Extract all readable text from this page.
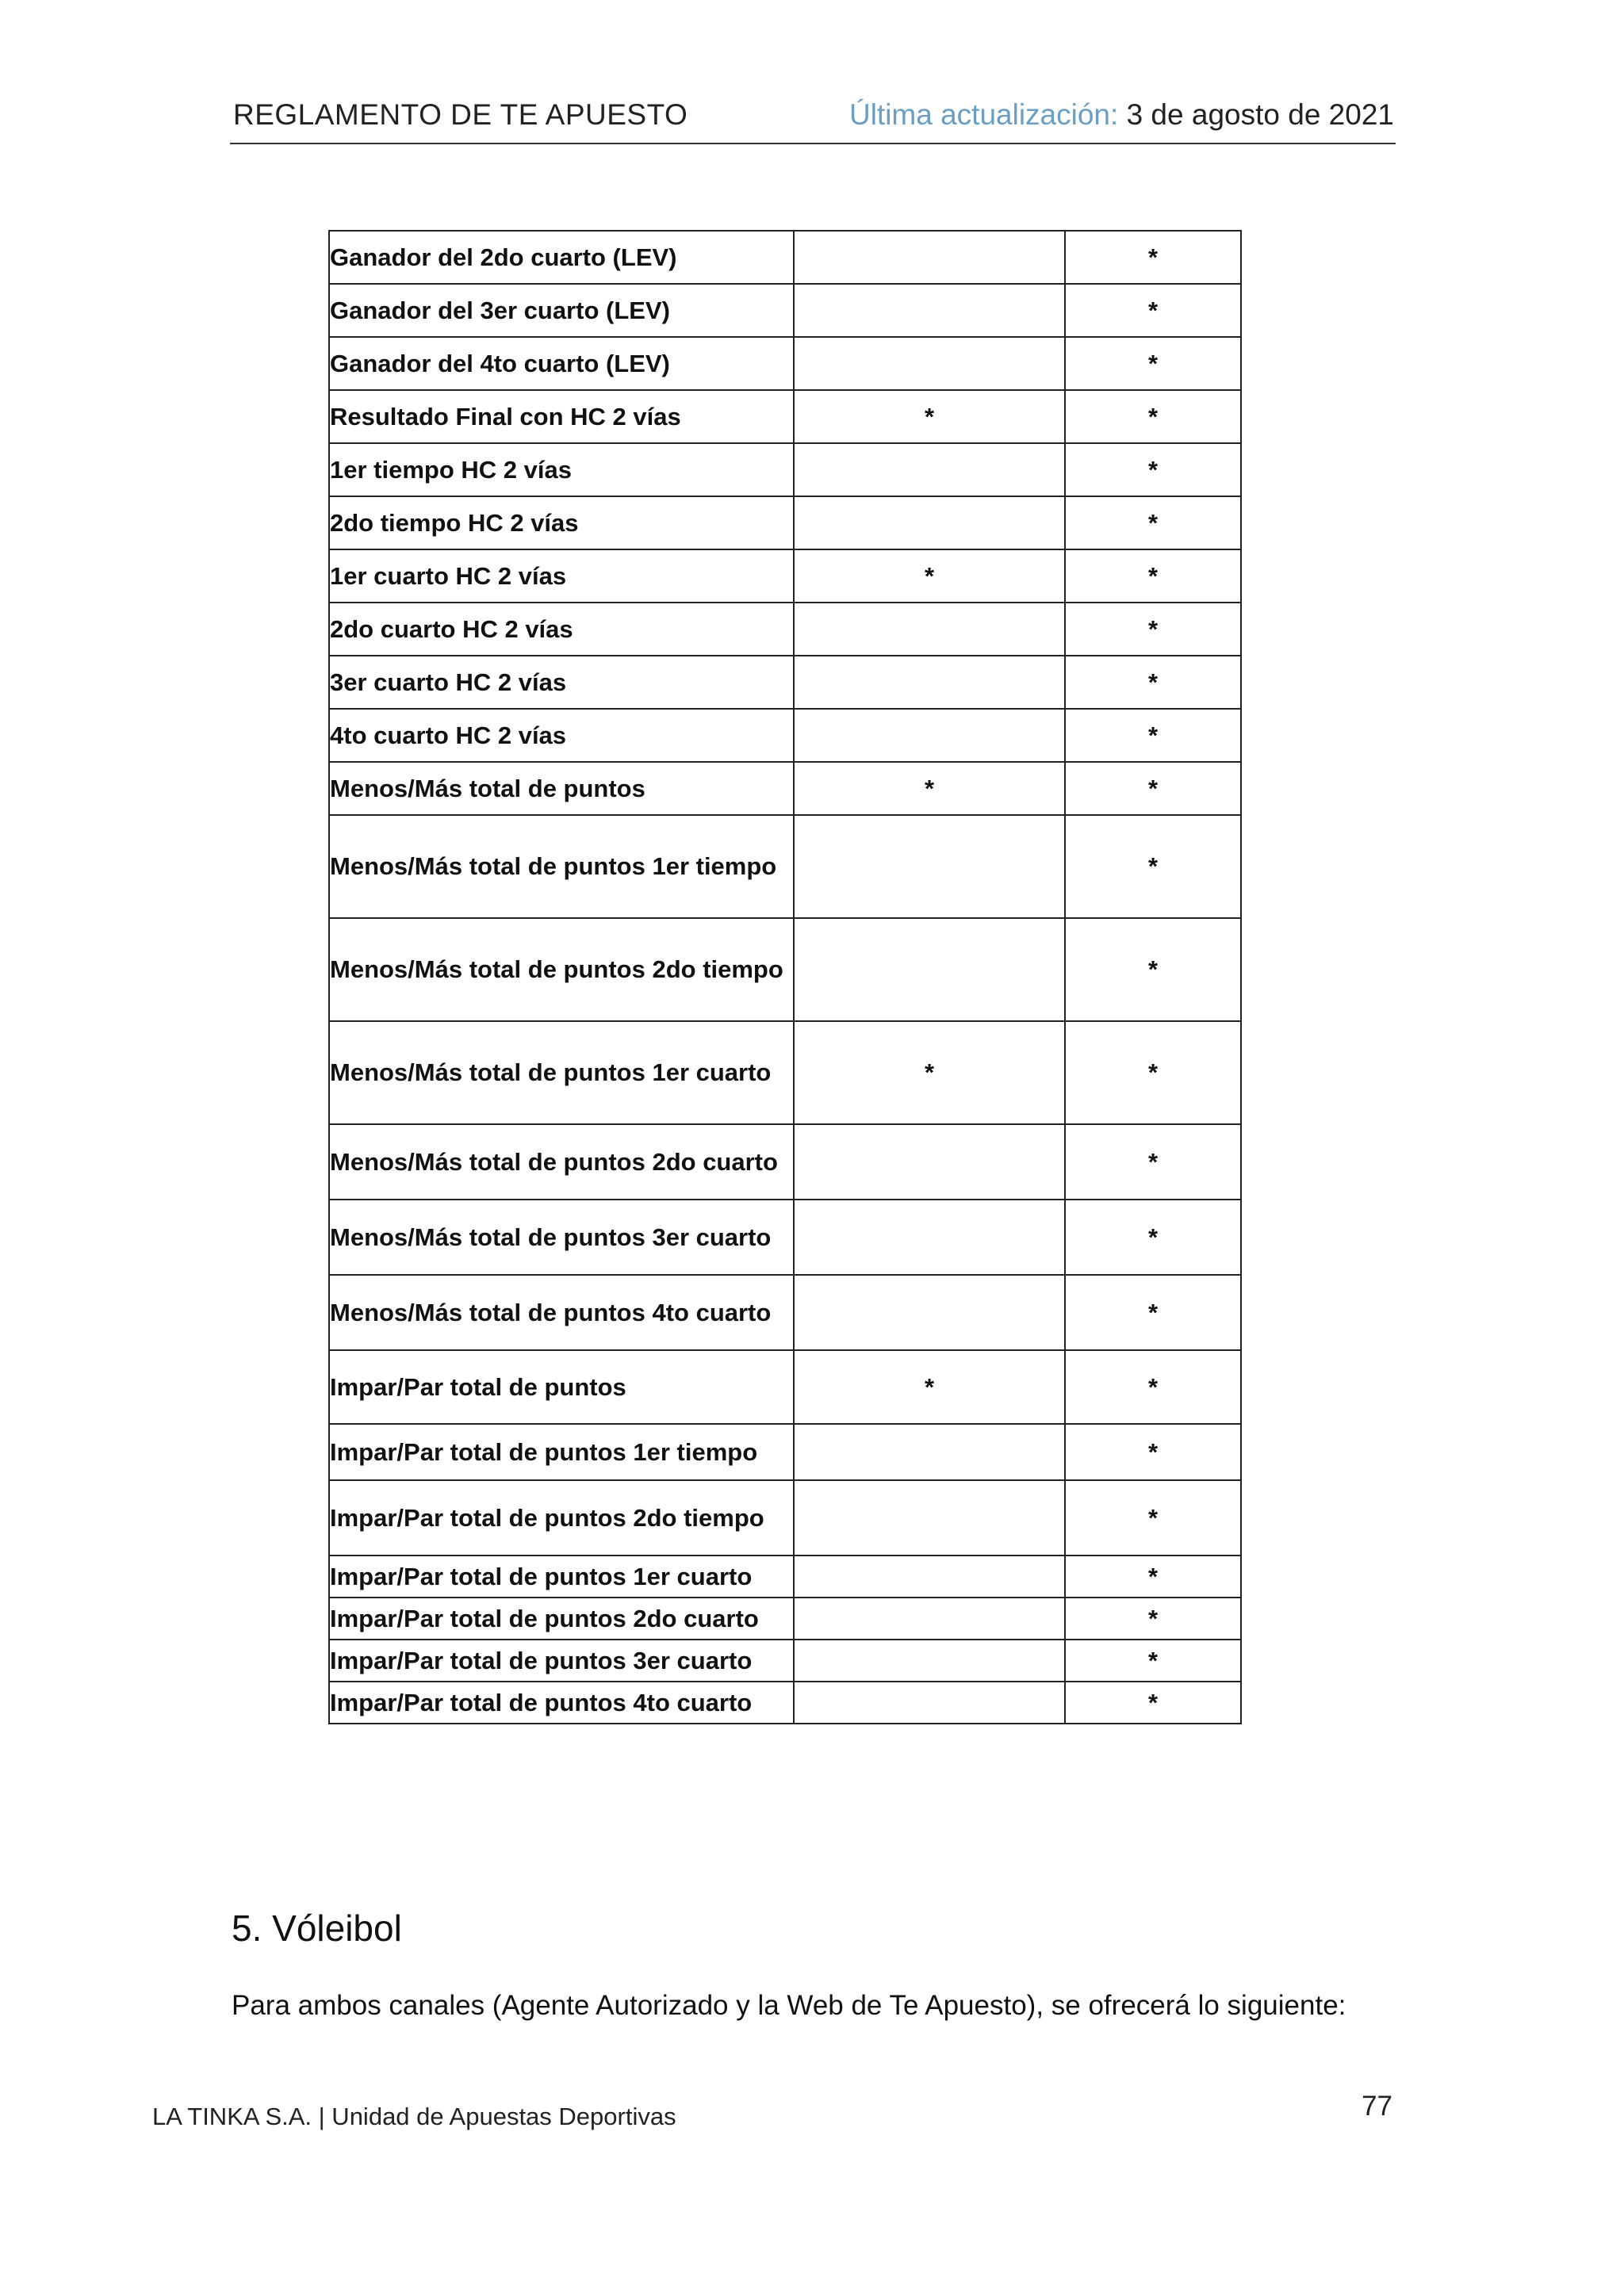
REGLAMENTO DE TE APUESTO	Última actualización: 3 de agosto de 2021
Ganador del 2do cuarto (LEV)		*
Ganador del 3er cuarto (LEV)		*
Ganador del 4to cuarto (LEV)		*
Resultado Final con HC 2 vías	*	*
1er tiempo HC 2 vías		*
2do tiempo HC 2 vías		*
1er cuarto HC 2 vías	*	*
2do cuarto HC 2 vías		*
3er cuarto HC 2 vías		*
4to cuarto HC 2 vías		*
Menos/Más total de puntos	*	*
Menos/Más total de puntos 1er tiempo		*
Menos/Más total de puntos 2do tiempo		*
Menos/Más total de puntos 1er cuarto	*	*
Menos/Más total de puntos 2do cuarto		*
Menos/Más total de puntos 3er cuarto		*
Menos/Más total de puntos 4to cuarto		*
Impar/Par total de puntos	*	*
Impar/Par total de puntos 1er tiempo		*
Impar/Par total de puntos 2do tiempo		*
Impar/Par total de puntos 1er cuarto		*
Impar/Par total de puntos 2do cuarto		*
Impar/Par total de puntos 3er cuarto		*
Impar/Par total de puntos 4to cuarto		*
5. Vóleibol
Para ambos canales (Agente Autorizado y la Web de Te Apuesto), se ofrecerá lo siguiente:
LA TINKA S.A. | Unidad de Apuestas Deportivas	77
